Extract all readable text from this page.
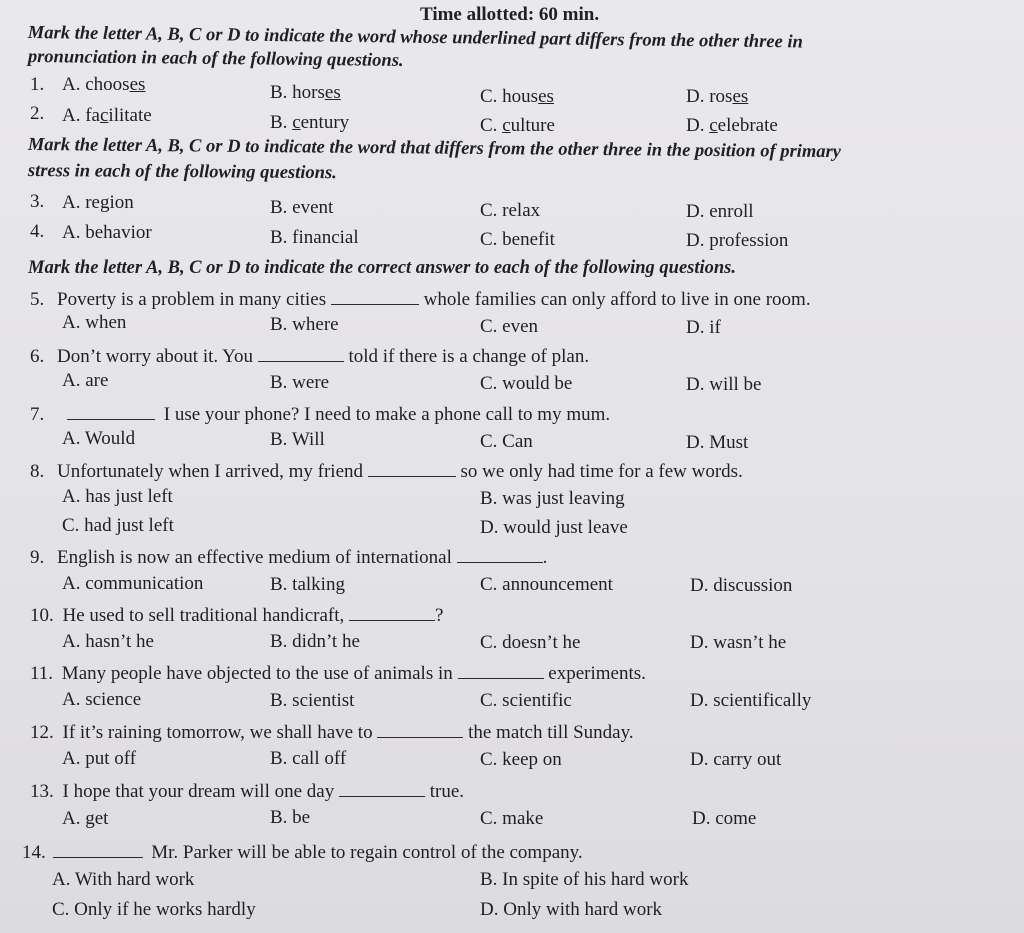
Time allotted: 60 min.
Mark the letter A, B, C or D to indicate the word whose underlined part differs from the other three in
pronunciation in each of the following questions.
1. A. chooses	B. horses	C. houses	D. roses
2. A. facilitate	B. century	C. culture	D. celebrate
Mark the letter A, B, C or D to indicate the word that differs from the other three in the position of primary
stress in each of the following questions.
3. A. region	B. event	C. relax	D. enroll
4. A. behavior	B. financial	C. benefit	D. profession
Mark the letter A, B, C or D to indicate the correct answer to each of the following questions.
5. Poverty is a problem in many cities	whole families can only afford to live in one room.
A. when	B. where	C. even	D. if
6. Don’t worry about it. You	told if there is a change of plan.
A. are	B. were	C. would be	D. will be
7.	I use your phone? I need to make a phone call to my mum.
A. Would	B. Will	C. Can	D. Must
8. Unfortunately when I arrived, my friend	so we only had time for a few words.
A. has just left	B. was just leaving
C. had just left	D. would just leave
9. English is now an effective medium of international	.
A. communication	B. talking	C. announcement	D. discussion
10. He used to sell traditional handicraft,	?
A. hasn’t he	B. didn’t he	C. doesn’t he	D. wasn’t he
11. Many people have objected to the use of animals in	experiments.
A. science	B. scientist	C. scientific	D. scientifically
12. If it’s raining tomorrow, we shall have to	the match till Sunday.
A. put off	B. call off	C. keep on	D. carry out
13. I hope that your dream will one day	true.
A. get	B. be	C. make	D. come
14.	Mr. Parker will be able to regain control of the company.
A. With hard work	B. In spite of his hard work
C. Only if he works hardly	D. Only with hard work
